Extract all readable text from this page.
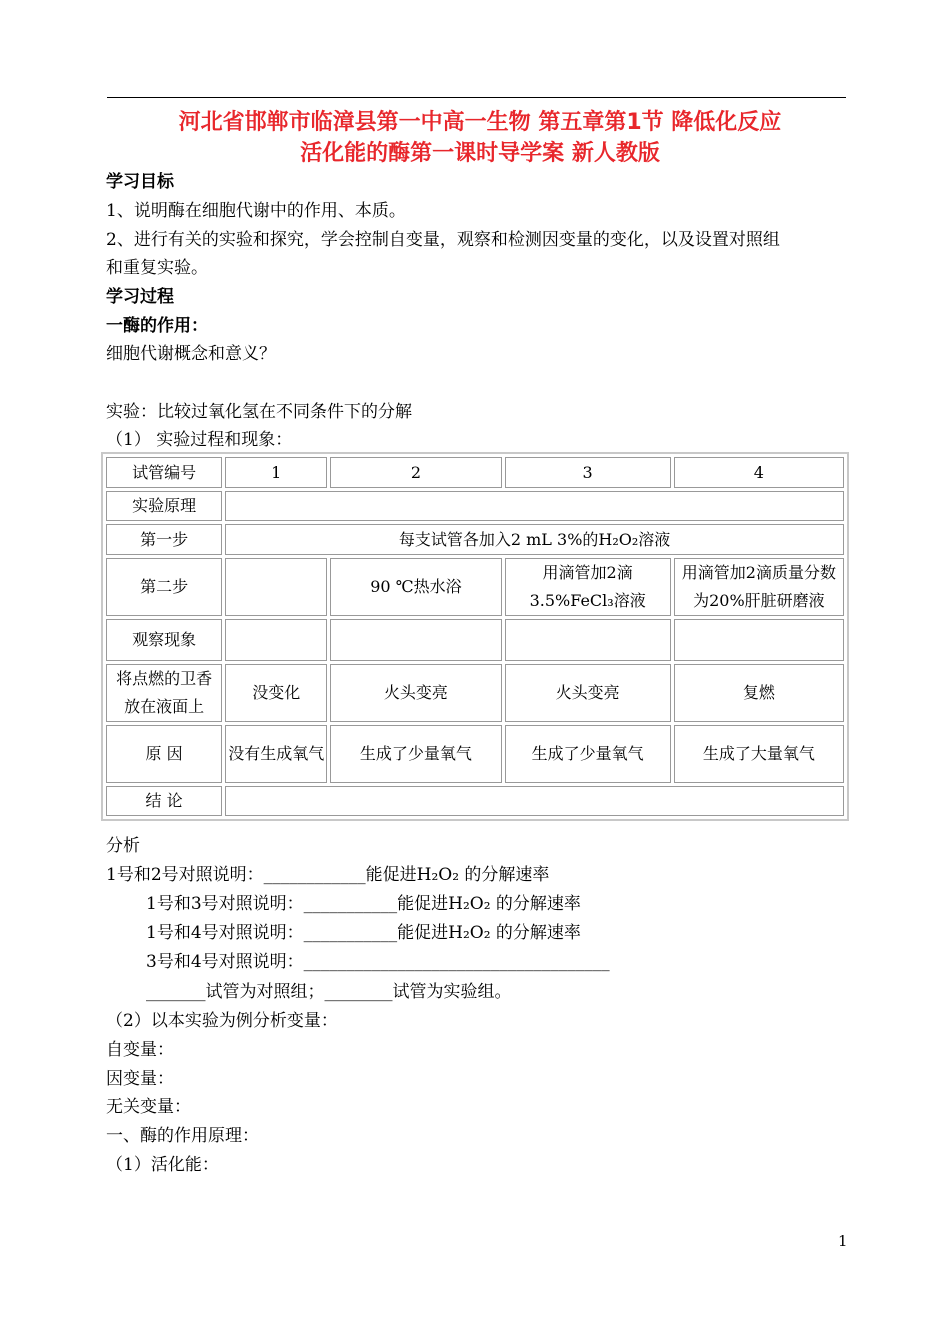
河北省邯郸市临漳县第一中高一生物 第五章第1节 降低化反应
活化能的酶第一课时导学案 新人教版
学习目标
1、说明酶在细胞代谢中的作用、本质。
2、进行有关的实验和探究，学会控制自变量，观察和检测因变量的变化，以及设置对照组
和重复实验。
学习过程
一酶的作用：
细胞代谢概念和意义？
实验：比较过氧化氢在不同条件下的分解
（1） 实验过程和现象：
试管编号	1	2	3	4
实验原理				
第一步	每支试管各加入2 mL 3%的H₂O₂溶液			
第二步		90 ℃热水浴	用滴管加2滴3.5%FeCl₃溶液	用滴管加2滴质量分数为20%肝脏研磨液
观察现象				
将点燃的卫香放在液面上	没变化	火头变亮	火头变亮	复燃
原 因	没有生成氧气	生成了少量氧气	生成了少量氧气	生成了大量氧气
结 论				
分析
1号和2号对照说明：____________能促进H₂O₂ 的分解速率
1号和3号对照说明：___________能促进H₂O₂ 的分解速率
1号和4号对照说明：___________能促进H₂O₂ 的分解速率
3号和4号对照说明：____________________________________
_______试管为对照组；________试管为实验组。
（2）以本实验为例分析变量：
自变量：
因变量：
无关变量：
一、酶的作用原理：
（1）活化能：
1
